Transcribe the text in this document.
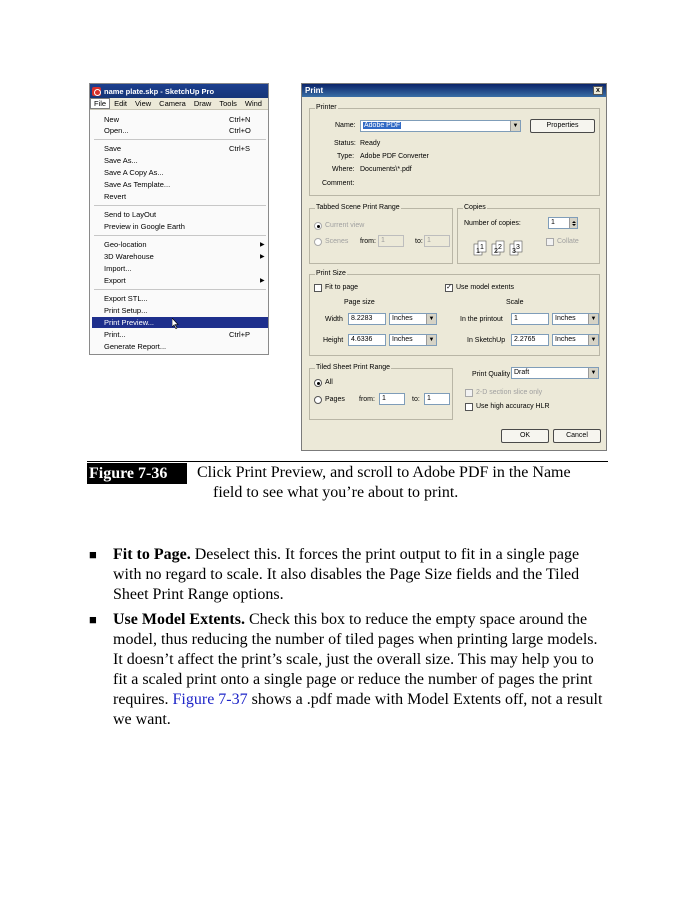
name plate.skp - SketchUp Pro
File	Edit	View	Camera	Draw	Tools	Wind
New	Ctrl+N
Open...	Ctrl+O
Save	Ctrl+S
Save As...
Save A Copy As...
Save As Template...
Revert
Send to LayOut
Preview in Google Earth
Geo-location	▶
3D Warehouse	▶
Import...
Export	▶
Export STL...
Print Setup...
Print Preview...
Print...	Ctrl+P
Generate Report...
Print	x
Printer
Name:	Adobe PDF	▼	Properties
Status: Ready
Type: Adobe PDF Converter
Where: Documents\*.pdf
Comment:
Tabbed Scene Print Range
Current view
Scenes from: 1	to: 1
Copies
Number of copies:	1
1
1
2
2
3
3
Collate
Print Size
Fit to page	✓ Use model extents
Page size	Scale
Width	8.2283	Inches	▼	In the printout	1	Inches	▼
Height	4.6336	Inches	▼	In SketchUp	2.2765	Inches	▼
Tiled Sheet Print Range
All
Pages from:	1	to:	1
Print Quality Draft	▼
2-D section slice only
Use high accuracy HLR
OK	Cancel
Figure 7-36	Click Print Preview, and scroll to Adobe PDF in the Name
field to see what you’re about to print.
■ Fit to Page. Deselect this. It forces the print output to fit in a single page with no regard to scale. It also disables the Page Size fields and the Tiled Sheet Print Range options.
■ Use Model Extents. Check this box to reduce the empty space around the model, thus reducing the number of tiled pages when printing large models. It doesn’t affect the print’s scale, just the overall size. This may help you to fit a scaled print onto a single page or reduce the number of pages the print requires. Figure 7-37 shows a .pdf made with Model Extents off, not a result we want.
